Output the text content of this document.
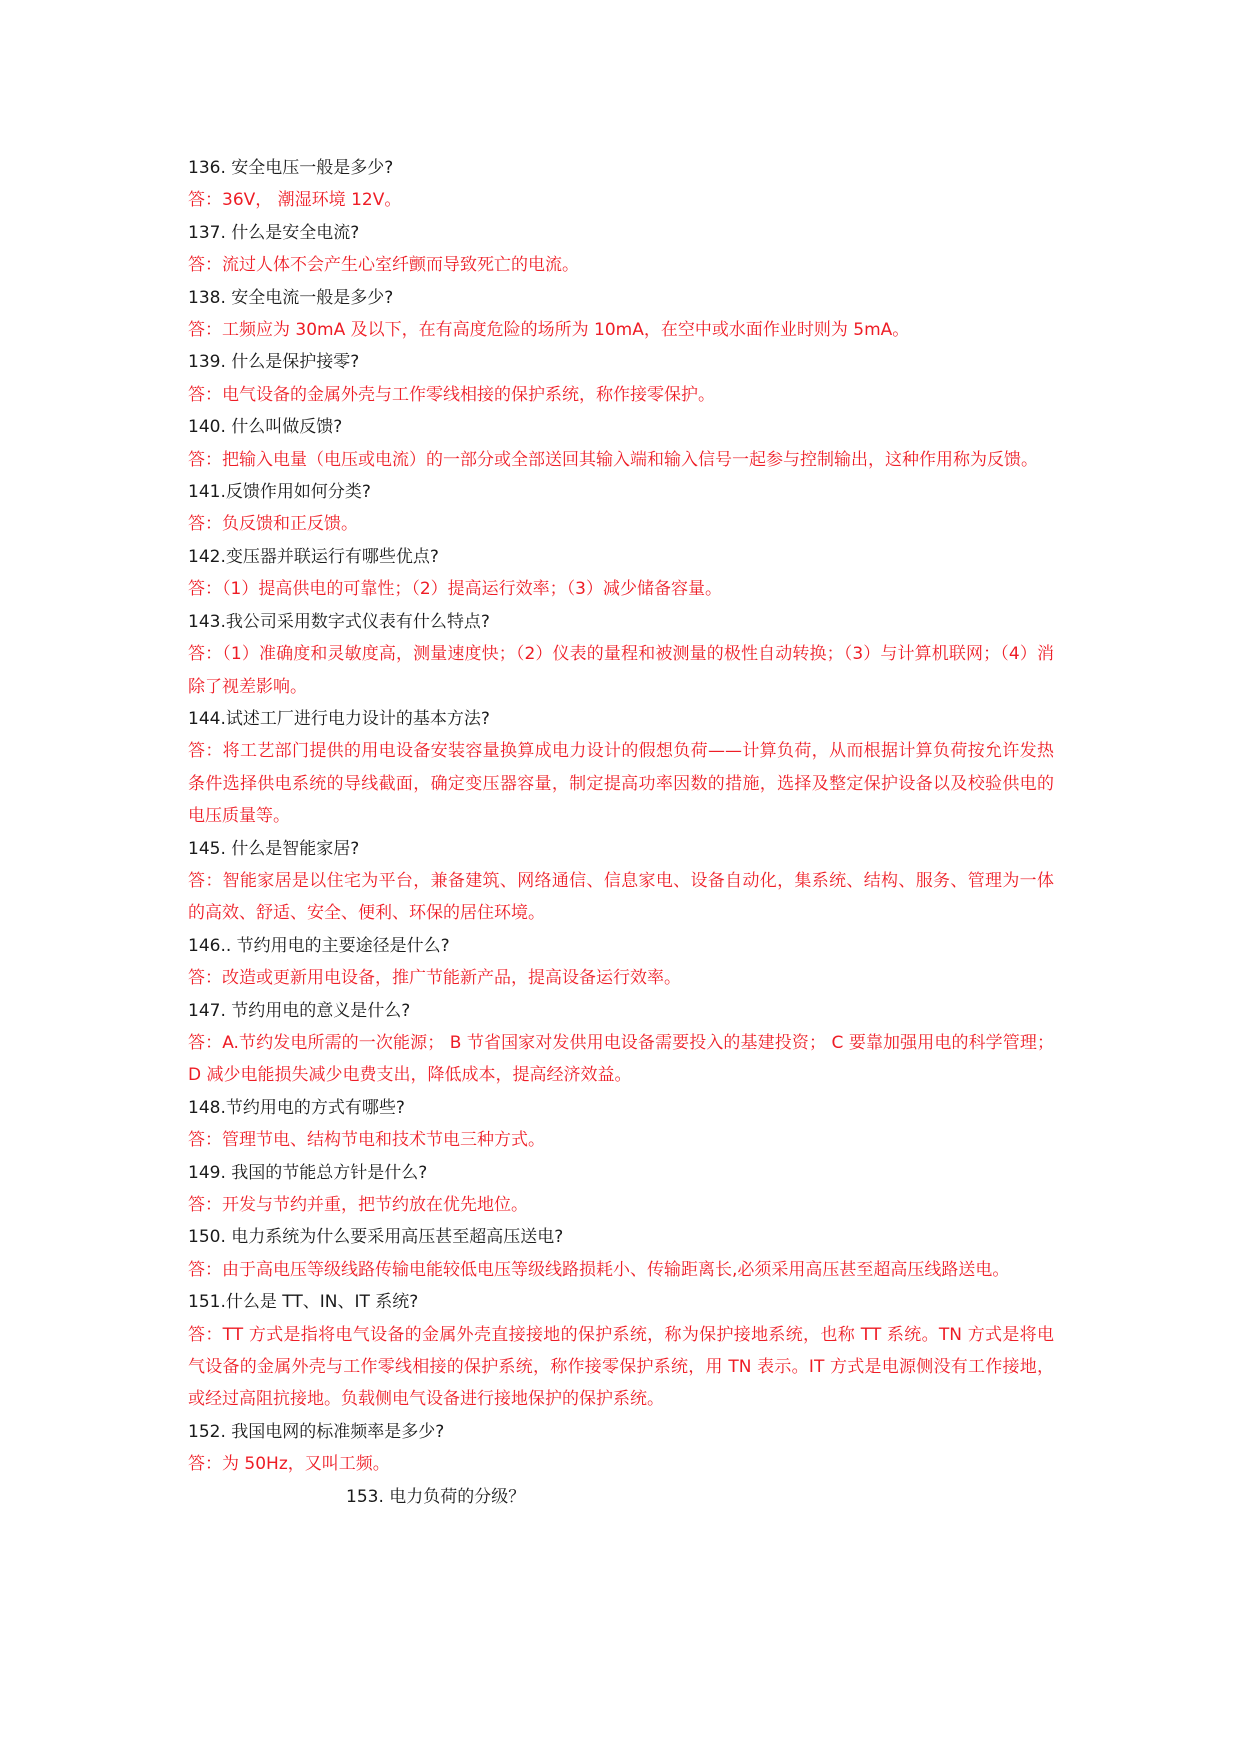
136. 安全电压一般是多少?

答：36V， 潮湿环境 12V。

137. 什么是安全电流?

答：流过人体不会产生心室纤颤而导致死亡的电流。

138. 安全电流一般是多少?

答：工频应为 30mA 及以下，在有高度危险的场所为 10mA，在空中或水面作业时则为 5mA。

139. 什么是保护接零?

答：电气设备的金属外壳与工作零线相接的保护系统，称作接零保护。

140. 什么叫做反馈?

答：把输入电量（电压或电流）的一部分或全部送回其输入端和输入信号一起参与控制输出，这种作用称为反馈。

141.反馈作用如何分类?

答：负反馈和正反馈。

142.变压器并联运行有哪些优点?

答：（1）提高供电的可靠性；（2）提高运行效率；（3）减少储备容量。

143.我公司采用数字式仪表有什么特点?

答：（1）准确度和灵敏度高，测量速度快；（2）仪表的量程和被测量的极性自动转换；（3）与计算机联网；（4）消除了视差影响。

144.试述工厂进行电力设计的基本方法?

答：将工艺部门提供的用电设备安装容量换算成电力设计的假想负荷——计算负荷，从而根据计算负荷按允许发热条件选择供电系统的导线截面，确定变压器容量，制定提高功率因数的措施，选择及整定保护设备以及校验供电的电压质量等。

145. 什么是智能家居?

答：智能家居是以住宅为平台，兼备建筑、网络通信、信息家电、设备自动化，集系统、结构、服务、管理为一体的高效、舒适、安全、便利、环保的居住环境。

146.. 节约用电的主要途径是什么?

答：改造或更新用电设备，推广节能新产品，提高设备运行效率。

147. 节约用电的意义是什么?

答：A.节约发电所需的一次能源； B 节省国家对发供用电设备需要投入的基建投资； C 要靠加强用电的科学管理；D 减少电能损失减少电费支出，降低成本，提高经济效益。

148.节约用电的方式有哪些?

答：管理节电、结构节电和技术节电三种方式。

149. 我国的节能总方针是什么?

答：开发与节约并重，把节约放在优先地位。

150. 电力系统为什么要采用高压甚至超高压送电?

答：由于高电压等级线路传输电能较低电压等级线路损耗小、传输距离长,必须采用高压甚至超高压线路送电。

151.什么是 TT、IN、IT 系统?

答：TT 方式是指将电气设备的金属外壳直接接地的保护系统，称为保护接地系统，也称 TT 系统。TN 方式是将电气设备的金属外壳与工作零线相接的保护系统，称作接零保护系统，用 TN 表示。IT 方式是电源侧没有工作接地，或经过高阻抗接地。负载侧电气设备进行接地保护的保护系统。

152. 我国电网的标准频率是多少?

答：为 50Hz，又叫工频。

153. 电力负荷的分级？
